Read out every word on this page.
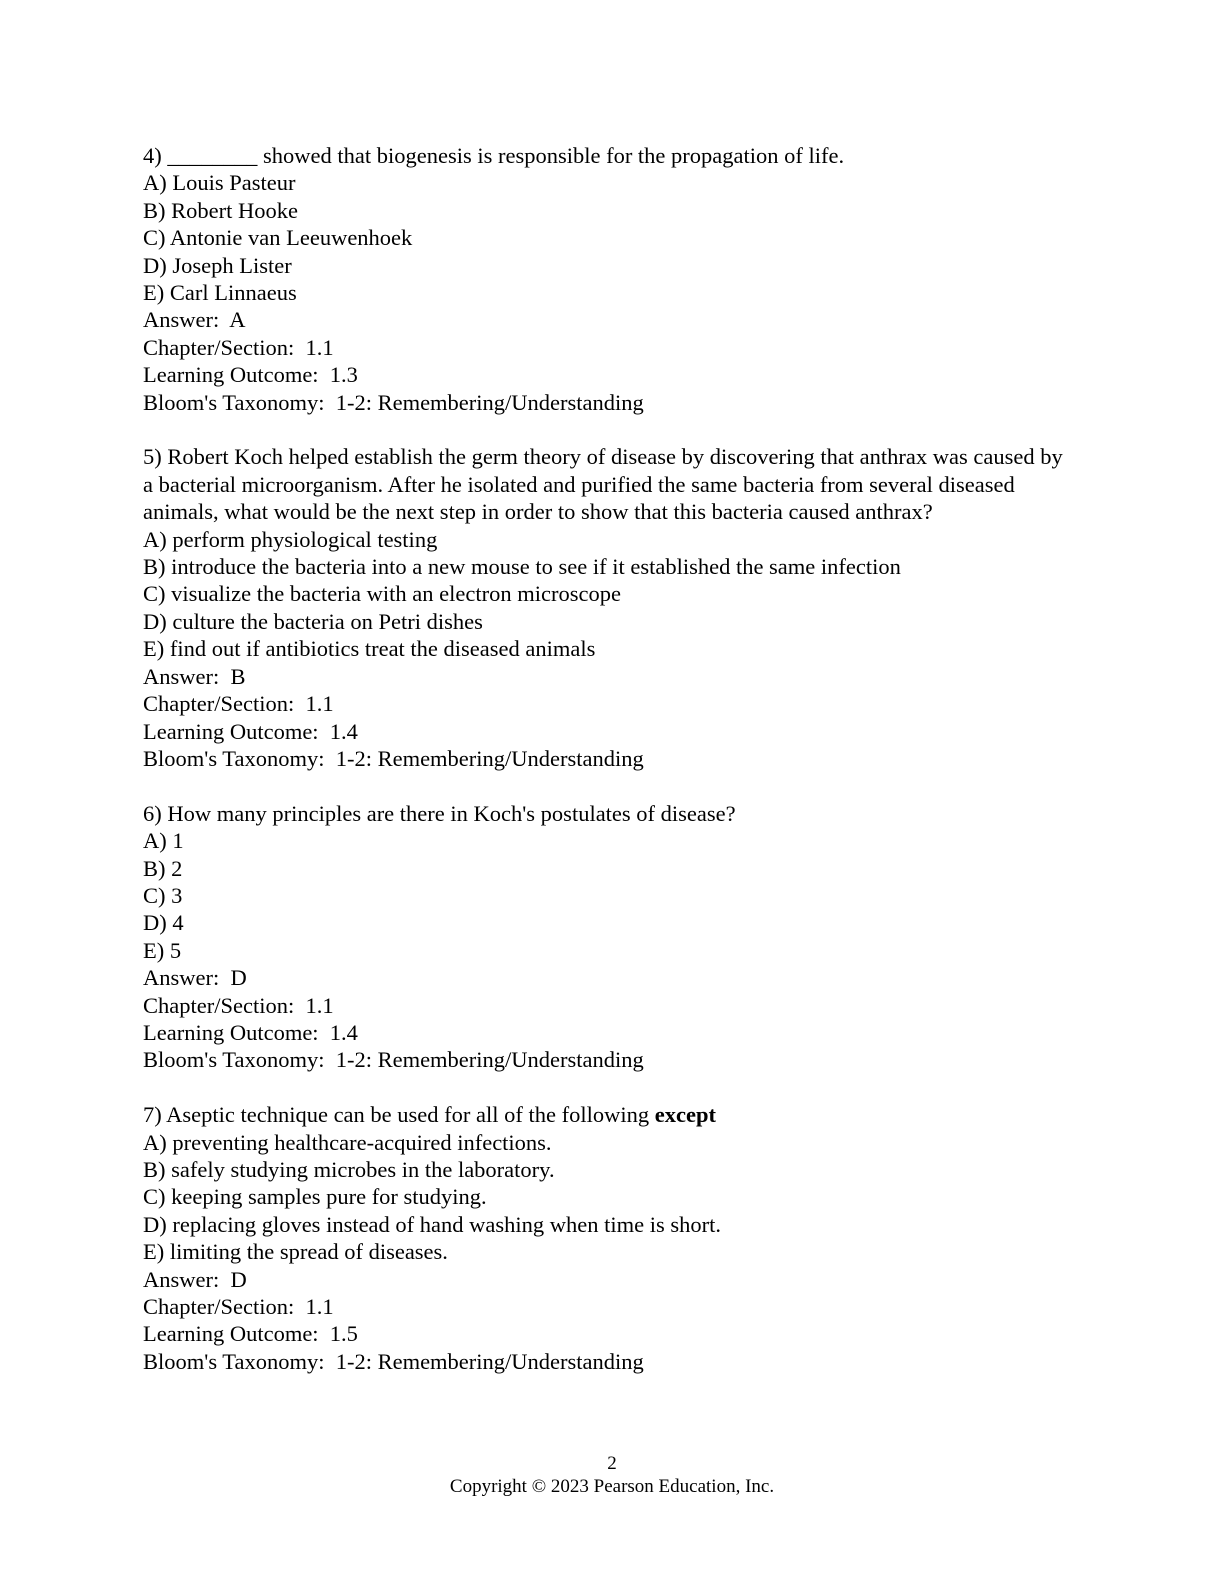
4) ________ showed that biogenesis is responsible for the propagation of life.
A) Louis Pasteur
B) Robert Hooke
C) Antonie van Leeuwenhoek
D) Joseph Lister
E) Carl Linnaeus
Answer:  A
Chapter/Section:  1.1
Learning Outcome:  1.3
Bloom's Taxonomy:  1-2: Remembering/Understanding
5) Robert Koch helped establish the germ theory of disease by discovering that anthrax was caused by a bacterial microorganism. After he isolated and purified the same bacteria from several diseased animals, what would be the next step in order to show that this bacteria caused anthrax?
A) perform physiological testing
B) introduce the bacteria into a new mouse to see if it established the same infection
C) visualize the bacteria with an electron microscope
D) culture the bacteria on Petri dishes
E) find out if antibiotics treat the diseased animals
Answer:  B
Chapter/Section:  1.1
Learning Outcome:  1.4
Bloom's Taxonomy:  1-2: Remembering/Understanding
6) How many principles are there in Koch's postulates of disease?
A) 1
B) 2
C) 3
D) 4
E) 5
Answer:  D
Chapter/Section:  1.1
Learning Outcome:  1.4
Bloom's Taxonomy:  1-2: Remembering/Understanding
7) Aseptic technique can be used for all of the following except
A) preventing healthcare-acquired infections.
B) safely studying microbes in the laboratory.
C) keeping samples pure for studying.
D) replacing gloves instead of hand washing when time is short.
E) limiting the spread of diseases.
Answer:  D
Chapter/Section:  1.1
Learning Outcome:  1.5
Bloom's Taxonomy:  1-2: Remembering/Understanding
2
Copyright © 2023 Pearson Education, Inc.
